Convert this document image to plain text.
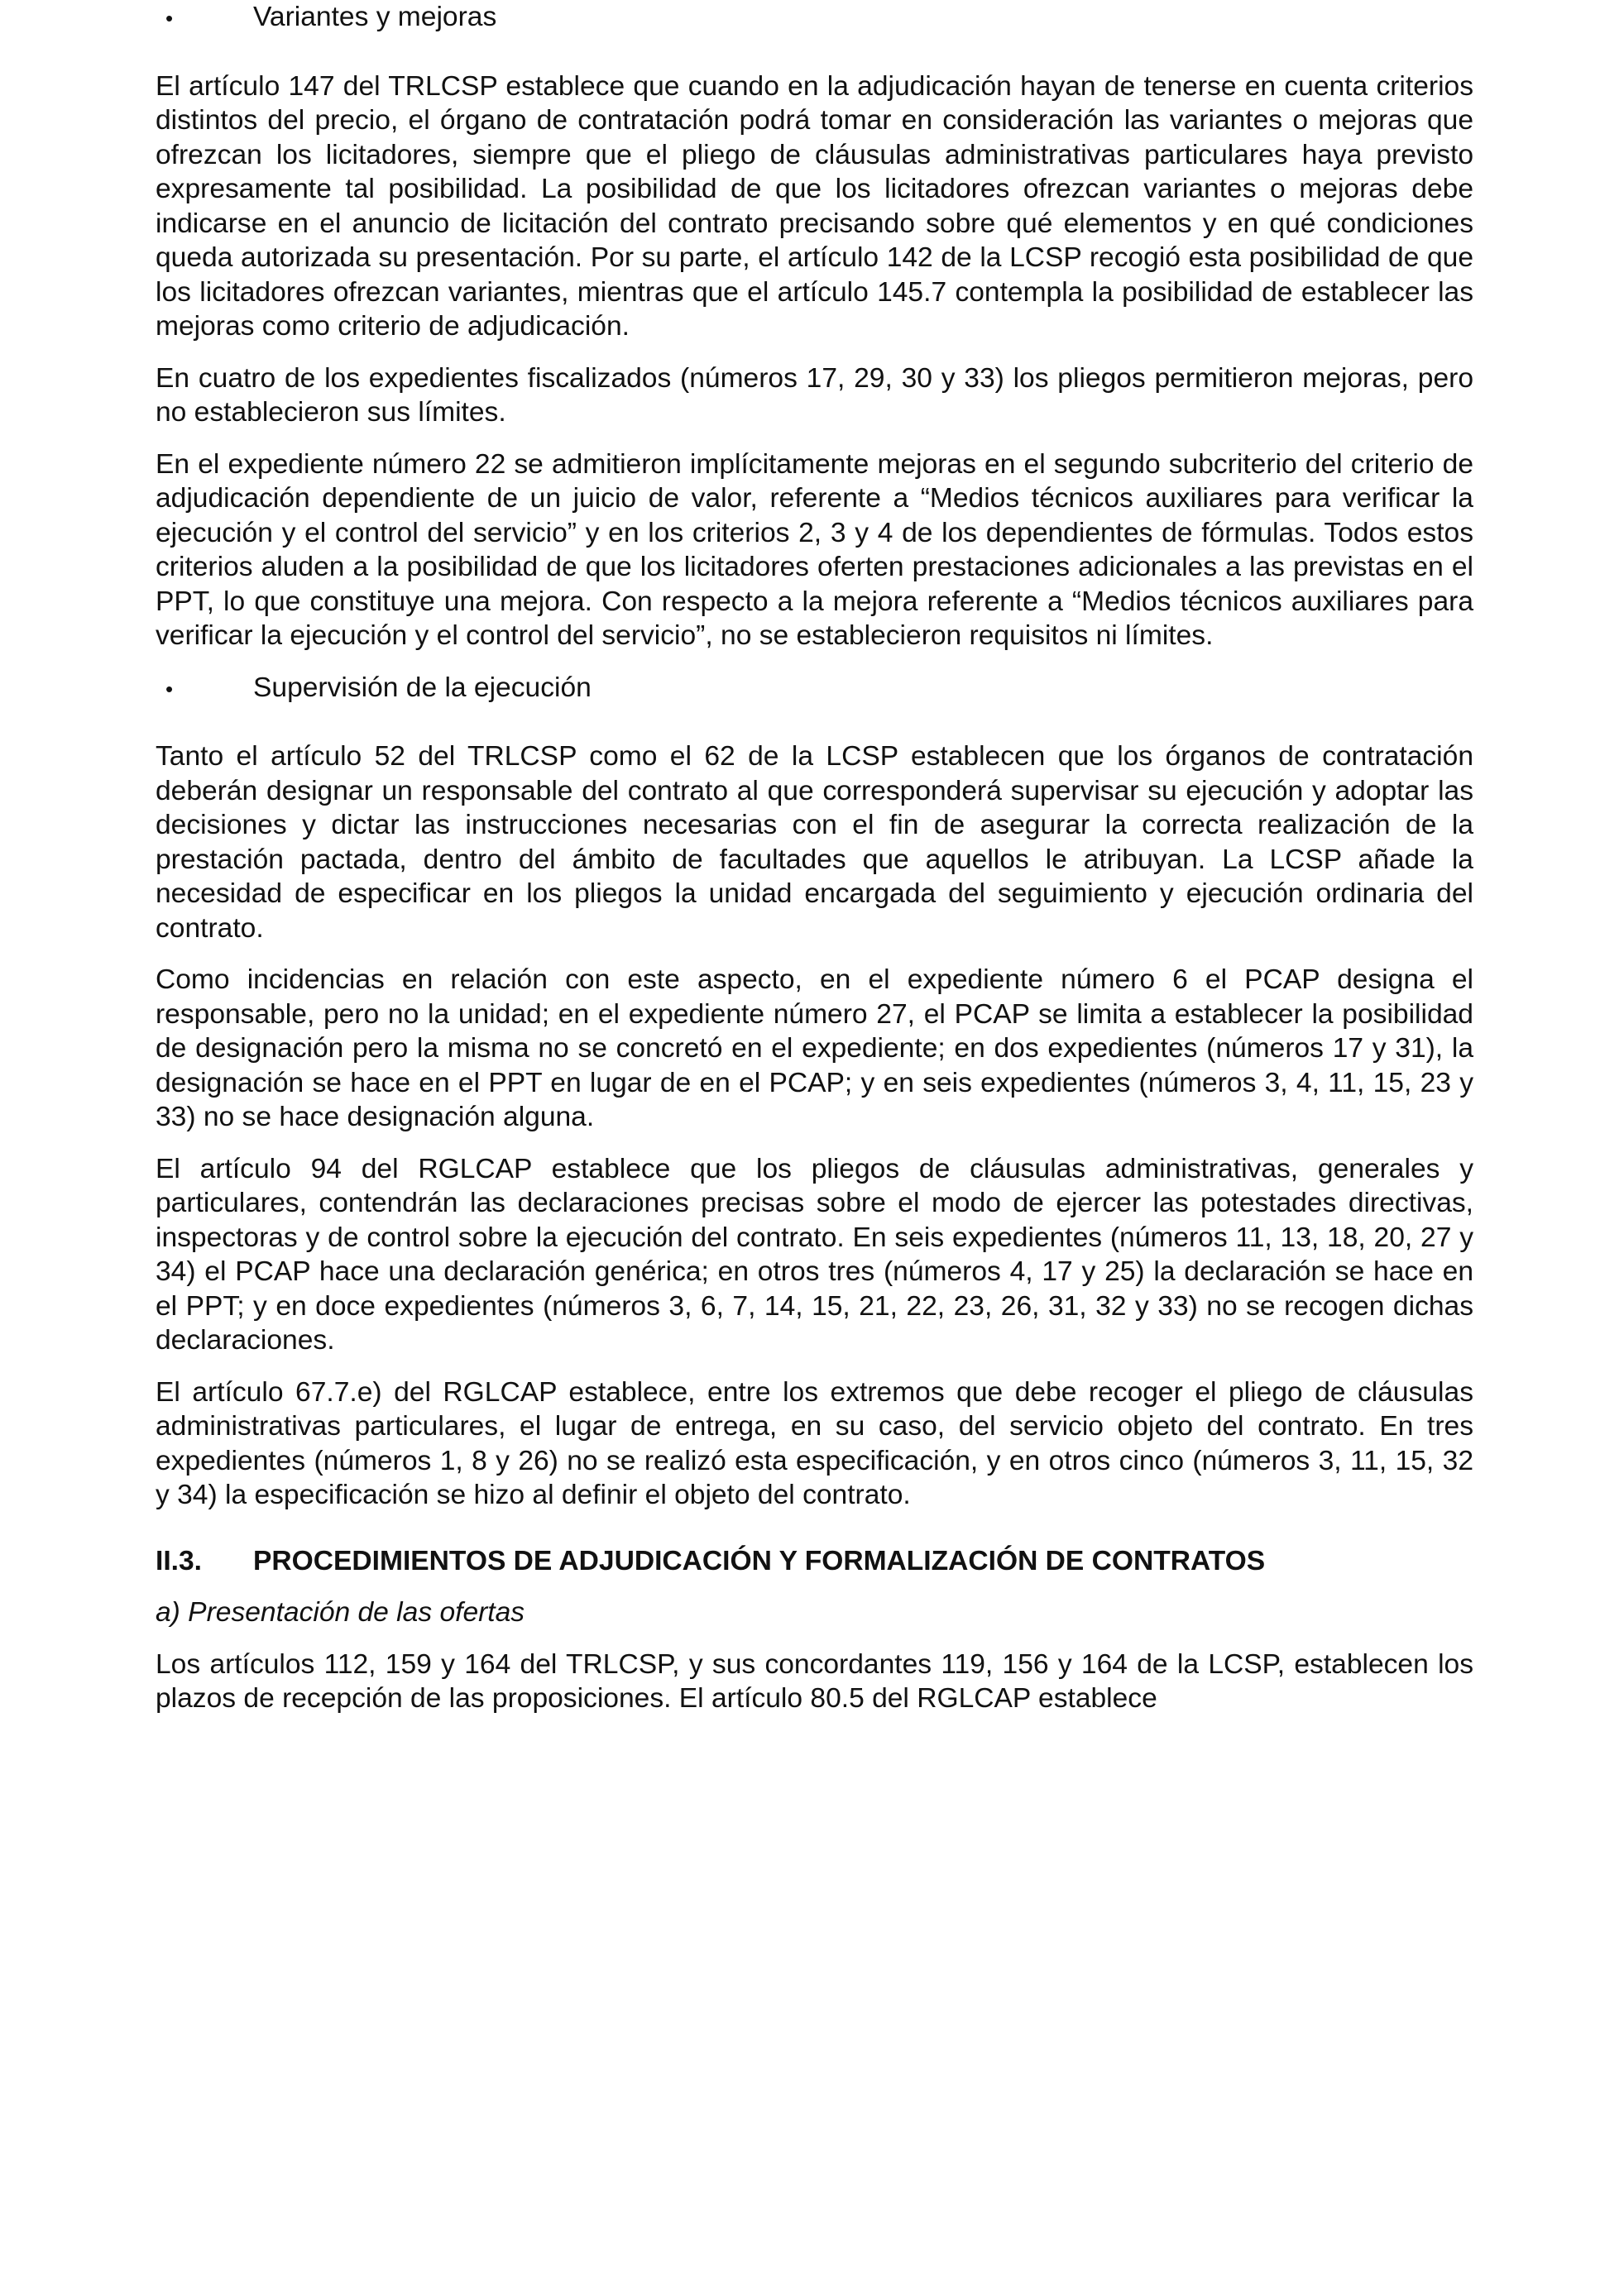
•	Variantes y mejoras

El artículo 147 del TRLCSP establece que cuando en la adjudicación hayan de tenerse en cuenta criterios distintos del precio, el órgano de contratación podrá tomar en consideración las variantes o mejoras que ofrezcan los licitadores, siempre que el pliego de cláusulas administrativas particulares haya previsto expresamente tal posibilidad. La posibilidad de que los licitadores ofrezcan variantes o mejoras debe indicarse en el anuncio de licitación del contrato precisando sobre qué elementos y en qué condiciones queda autorizada su presentación. Por su parte, el artículo 142 de la LCSP recogió esta posibilidad de que los licitadores ofrezcan variantes, mientras que el artículo 145.7 contempla la posibilidad de establecer las mejoras como criterio de adjudicación.

En cuatro de los expedientes fiscalizados (números 17, 29, 30 y 33) los pliegos permitieron mejoras, pero no establecieron sus límites.

En el expediente número 22 se admitieron implícitamente mejoras en el segundo subcriterio del criterio de adjudicación dependiente de un juicio de valor, referente a “Medios técnicos auxiliares para verificar la ejecución y el control del servicio” y en los criterios 2, 3 y 4 de los dependientes de fórmulas. Todos estos criterios aluden a la posibilidad de que los licitadores oferten prestaciones adicionales a las previstas en el PPT, lo que constituye una mejora. Con respecto a la mejora referente a “Medios técnicos auxiliares para verificar la ejecución y el control del servicio”, no se establecieron requisitos ni límites.

•	Supervisión de la ejecución

Tanto el artículo 52 del TRLCSP como el 62 de la LCSP establecen que los órganos de contratación deberán designar un responsable del contrato al que corresponderá supervisar su ejecución y adoptar las decisiones y dictar las instrucciones necesarias con el fin de asegurar la correcta realización de la prestación pactada, dentro del ámbito de facultades que aquellos le atribuyan. La LCSP añade la necesidad de especificar en los pliegos la unidad encargada del seguimiento y ejecución ordinaria del contrato.

Como incidencias en relación con este aspecto, en el expediente número 6 el PCAP designa el responsable, pero no la unidad; en el expediente número 27, el PCAP se limita a establecer la posibilidad de designación pero la misma no se concretó en el expediente; en dos expedientes (números 17 y 31), la designación se hace en el PPT en lugar de en el PCAP; y en seis expedientes (números 3, 4, 11, 15, 23 y 33) no se hace designación alguna.

El artículo 94 del RGLCAP establece que los pliegos de cláusulas administrativas, generales y particulares, contendrán las declaraciones precisas sobre el modo de ejercer las potestades directivas, inspectoras y de control sobre la ejecución del contrato. En seis expedientes (números 11, 13, 18, 20, 27 y 34) el PCAP hace una declaración genérica; en otros tres (números 4, 17 y 25) la declaración se hace en el PPT; y en doce expedientes (números 3, 6, 7, 14, 15, 21, 22, 23, 26, 31, 32 y 33) no se recogen dichas declaraciones.

El artículo 67.7.e) del RGLCAP establece, entre los extremos que debe recoger el pliego de cláusulas administrativas particulares, el lugar de entrega, en su caso, del servicio objeto del contrato. En tres expedientes (números 1, 8 y 26) no se realizó esta especificación, y en otros cinco (números 3, 11, 15, 32 y 34) la especificación se hizo al definir el objeto del contrato.

II.3.	PROCEDIMIENTOS DE ADJUDICACIÓN Y FORMALIZACIÓN DE CONTRATOS

a) Presentación de las ofertas

Los artículos 112, 159 y 164 del TRLCSP, y sus concordantes 119, 156 y 164 de la LCSP, establecen los plazos de recepción de las proposiciones. El artículo 80.5 del RGLCAP establece
